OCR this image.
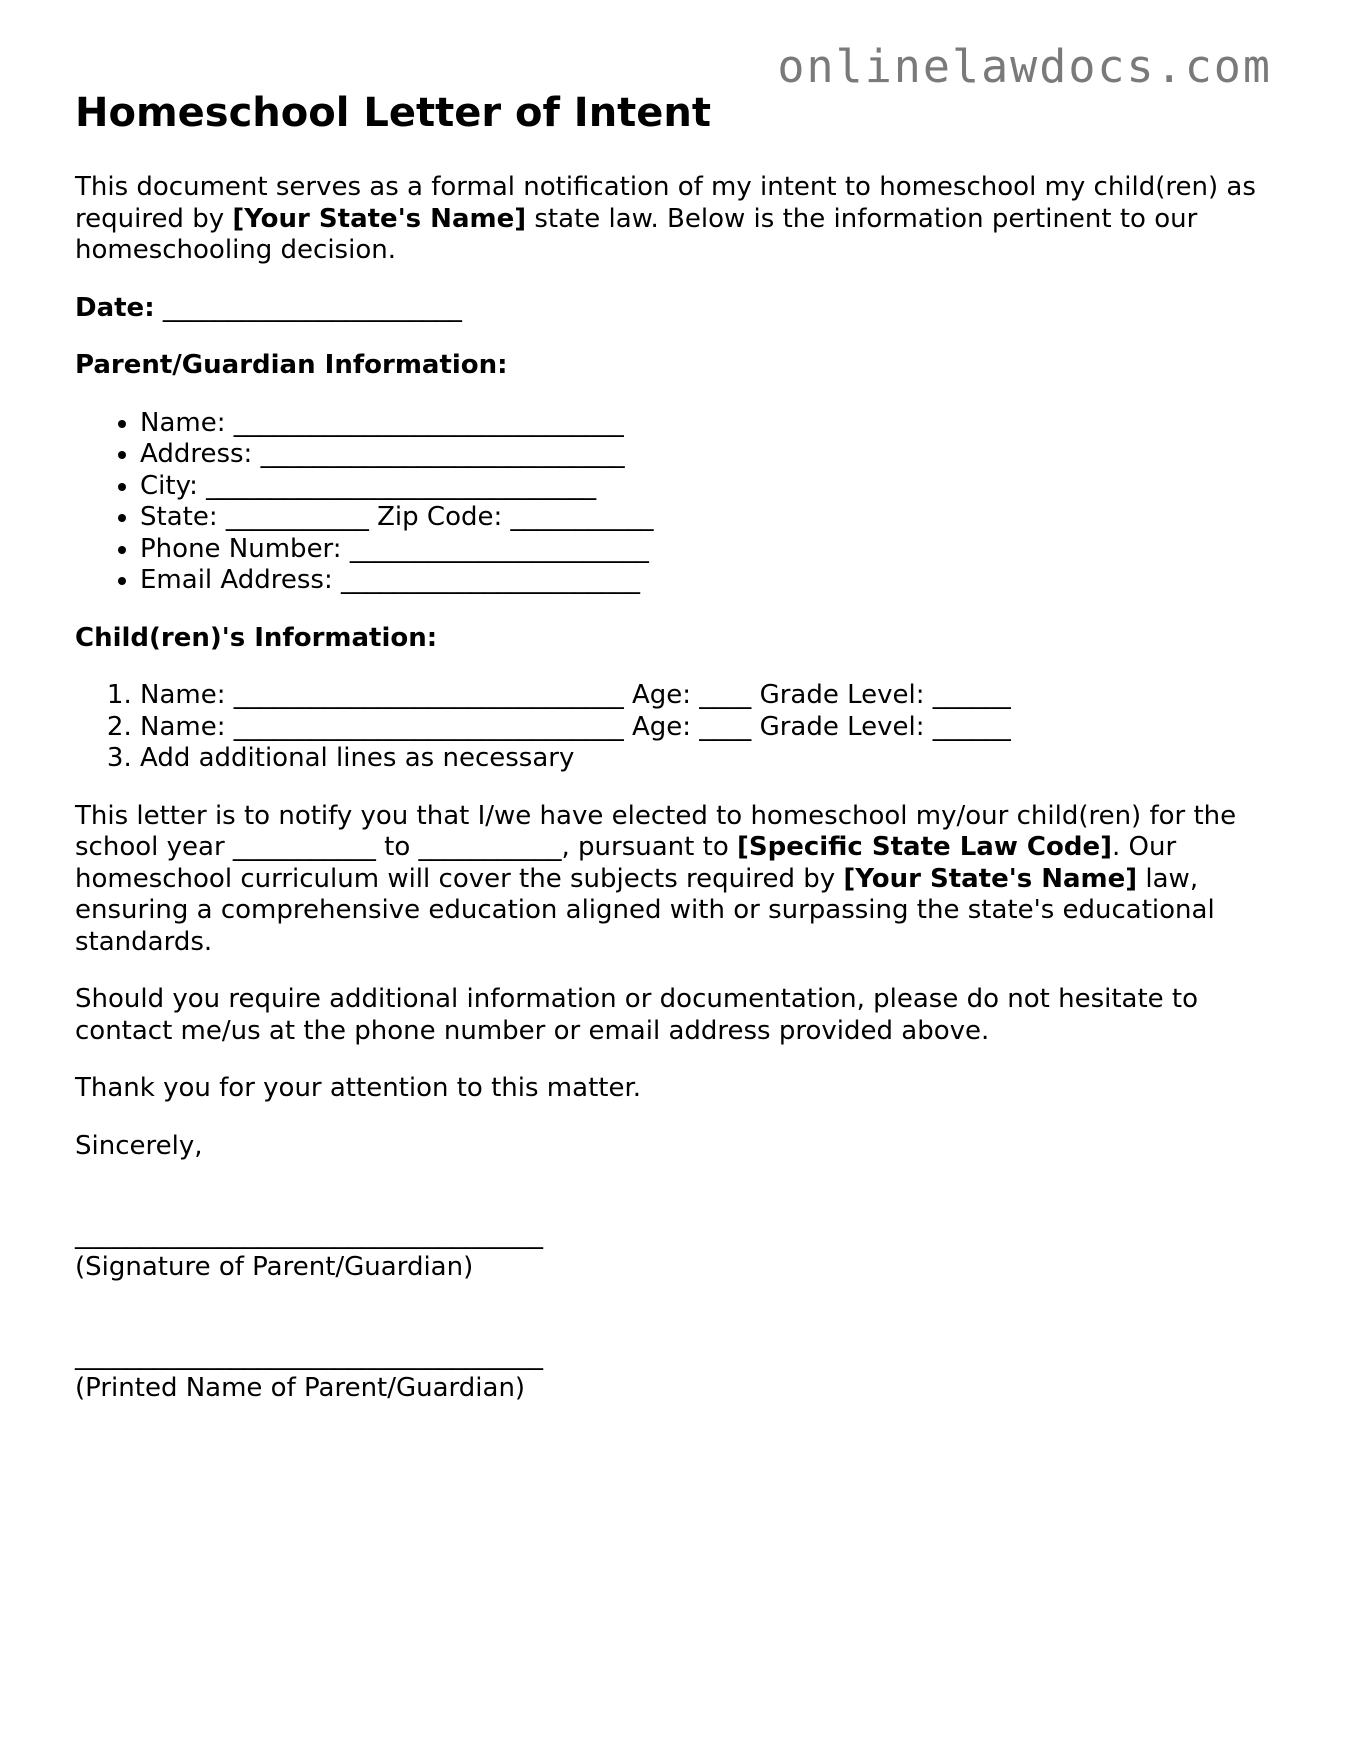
onlinelawdocs.com
Homeschool Letter of Intent

This document serves as a formal notification of my intent to homeschool my child(ren) as required by [Your State's Name] state law. Below is the information pertinent to our homeschooling decision.

Date: _______________________

Parent/Guardian Information:

• Name: ______________________________
• Address: ____________________________
• City: ______________________________
• State: ___________ Zip Code: ___________
• Phone Number: _______________________
• Email Address: _______________________

Child(ren)'s Information:

1. Name: ______________________________ Age: ____ Grade Level: ______
2. Name: ______________________________ Age: ____ Grade Level: ______
3. Add additional lines as necessary

This letter is to notify you that I/we have elected to homeschool my/our child(ren) for the school year ___________ to ___________, pursuant to [Specific State Law Code]. Our homeschool curriculum will cover the subjects required by [Your State's Name] law, ensuring a comprehensive education aligned with or surpassing the state's educational standards.

Should you require additional information or documentation, please do not hesitate to contact me/us at the phone number or email address provided above.

Thank you for your attention to this matter.

Sincerely,

____________________________________
(Signature of Parent/Guardian)
____________________________________
(Printed Name of Parent/Guardian)
